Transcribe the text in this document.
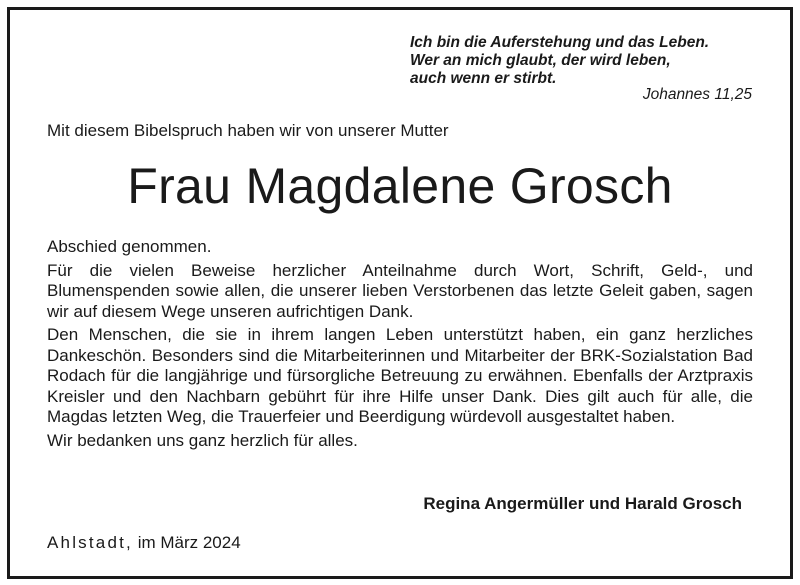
Ich bin die Auferstehung und das Leben.
Wer an mich glaubt, der wird leben,
auch wenn er stirbt.
Johannes 11,25
Mit diesem Bibelspruch haben wir von unserer Mutter
Frau Magdalene Grosch

Abschied genommen.

Für die vielen Beweise herzlicher Anteilnahme durch Wort, Schrift, Geld-, und Blumenspenden sowie allen, die unserer lieben Verstorbenen das letzte Geleit gaben, sagen wir auf diesem Wege unseren aufrichtigen Dank.

Den Menschen, die sie in ihrem langen Leben unterstützt haben, ein ganz herzliches Dankeschön. Besonders sind die Mitarbeiterinnen und Mitarbeiter der BRK-Sozialstation Bad Rodach für die langjährige und fürsorgliche Betreuung zu erwähnen. Ebenfalls der Arztpraxis Kreisler und den Nachbarn gebührt für ihre Hilfe unser Dank. Dies gilt auch für alle, die Magdas letzten Weg, die Trauerfeier und Beerdigung würdevoll ausgestaltet haben.

Wir bedanken uns ganz herzlich für alles.

Regina Angermüller und Harald Grosch
Ahlstadt, im März 2024
